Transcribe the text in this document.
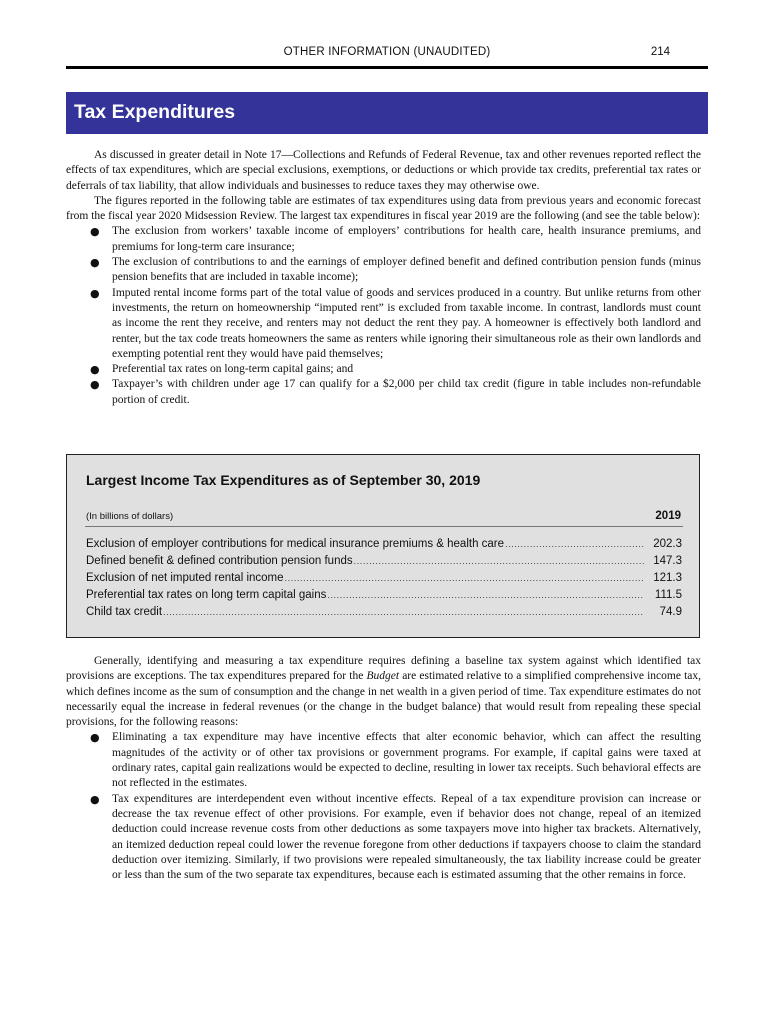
OTHER INFORMATION (UNAUDITED)	214
Tax Expenditures

As discussed in greater detail in Note 17—Collections and Refunds of Federal Revenue, tax and other revenues reported reflect the effects of tax expenditures, which are special exclusions, exemptions, or deductions or which provide tax credits, preferential tax rates or deferrals of tax liability, that allow individuals and businesses to reduce taxes they may otherwise owe.

The figures reported in the following table are estimates of tax expenditures using data from previous years and economic forecast from the fiscal year 2020 Midsession Review. The largest tax expenditures in fiscal year 2019 are the following (and see the table below):

● The exclusion from workers’ taxable income of employers’ contributions for health care, health insurance premiums, and premiums for long-term care insurance;
● The exclusion of contributions to and the earnings of employer defined benefit and defined contribution pension funds (minus pension benefits that are included in taxable income);
● Imputed rental income forms part of the total value of goods and services produced in a country. But unlike returns from other investments, the return on homeownership “imputed rent” is excluded from taxable income. In contrast, landlords must count as income the rent they receive, and renters may not deduct the rent they pay. A homeowner is effectively both landlord and renter, but the tax code treats homeowners the same as renters while ignoring their simultaneous role as their own landlords and exempting potential rent they would have paid themselves;
● Preferential tax rates on long-term capital gains; and
● Taxpayer’s with children under age 17 can qualify for a $2,000 per child tax credit (figure in table includes non-refundable portion of credit.
Largest Income Tax Expenditures as of September 30, 2019
(In billions of dollars)	2019
Exclusion of employer contributions for medical insurance premiums & health care .....	202.3
Defined benefit & defined contribution pension funds .....	147.3
Exclusion of net imputed rental income .....	121.3
Preferential tax rates on long term capital gains .....	111.5
Child tax credit .....	74.9

Generally, identifying and measuring a tax expenditure requires defining a baseline tax system against which identified tax provisions are exceptions. The tax expenditures prepared for the Budget are estimated relative to a simplified comprehensive income tax, which defines income as the sum of consumption and the change in net wealth in a given period of time. Tax expenditure estimates do not necessarily equal the increase in federal revenues (or the change in the budget balance) that would result from repealing these special provisions, for the following reasons:

● Eliminating a tax expenditure may have incentive effects that alter economic behavior, which can affect the resulting magnitudes of the activity or of other tax provisions or government programs. For example, if capital gains were taxed at ordinary rates, capital gain realizations would be expected to decline, resulting in lower tax receipts. Such behavioral effects are not reflected in the estimates.
● Tax expenditures are interdependent even without incentive effects. Repeal of a tax expenditure provision can increase or decrease the tax revenue effect of other provisions. For example, even if behavior does not change, repeal of an itemized deduction could increase revenue costs from other deductions as some taxpayers move into higher tax brackets. Alternatively, an itemized deduction repeal could lower the revenue foregone from other deductions if taxpayers choose to claim the standard deduction over itemizing. Similarly, if two provisions were repealed simultaneously, the tax liability increase could be greater or less than the sum of the two separate tax expenditures, because each is estimated assuming that the other remains in force.
